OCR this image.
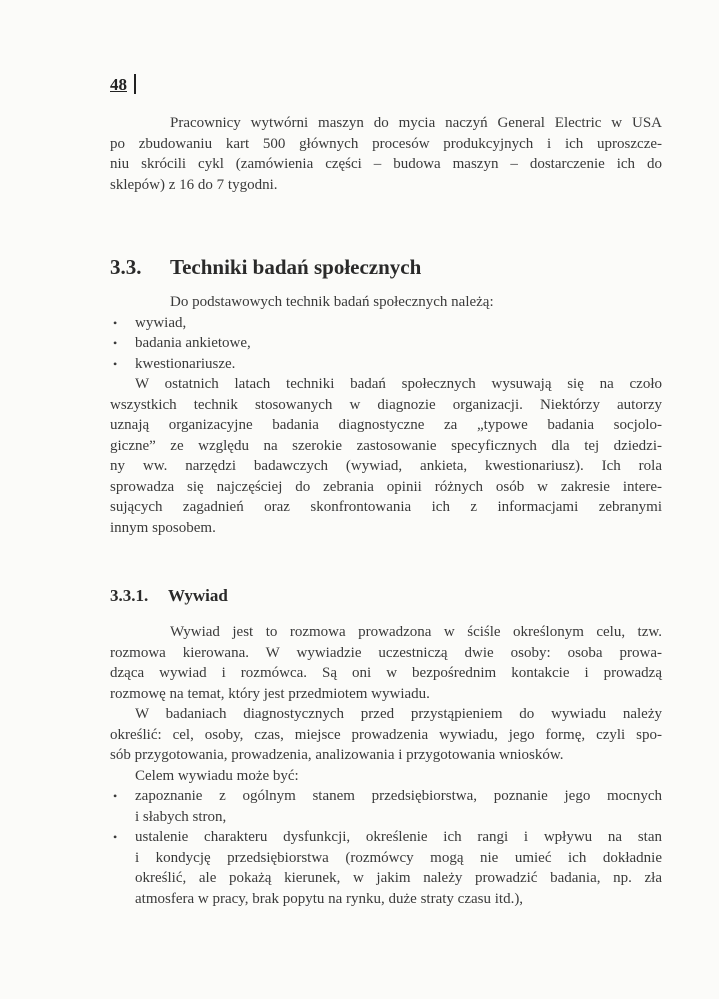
48
Pracownicy wytwórni maszyn do mycia naczyń General Electric w USA
po zbudowaniu kart 500 głównych procesów produkcyjnych i ich uproszcze-
niu skrócili cykl (zamówienia części – budowa maszyn – dostarczenie ich do
sklepów) z 16 do 7 tygodni.
3.3. Techniki badań społecznych
Do podstawowych technik badań społecznych należą:
• wywiad,
• badania ankietowe,
• kwestionariusze.
W ostatnich latach techniki badań społecznych wysuwają się na czoło
wszystkich technik stosowanych w diagnozie organizacji. Niektórzy autorzy
uznają organizacyjne badania diagnostyczne za „typowe badania socjolo-
giczne” ze względu na szerokie zastosowanie specyficznych dla tej dziedzi-
ny ww. narzędzi badawczych (wywiad, ankieta, kwestionariusz). Ich rola
sprowadza się najczęściej do zebrania opinii różnych osób w zakresie intere-
sujących zagadnień oraz skonfrontowania ich z informacjami zebranymi
innym sposobem.
3.3.1. Wywiad
Wywiad jest to rozmowa prowadzona w ściśle określonym celu, tzw.
rozmowa kierowana. W wywiadzie uczestniczą dwie osoby: osoba prowa-
dząca wywiad i rozmówca. Są oni w bezpośrednim kontakcie i prowadzą
rozmowę na temat, który jest przedmiotem wywiadu.
W badaniach diagnostycznych przed przystąpieniem do wywiadu należy
określić: cel, osoby, czas, miejsce prowadzenia wywiadu, jego formę, czyli spo-
sób przygotowania, prowadzenia, analizowania i przygotowania wniosków.
Celem wywiadu może być:
• zapoznanie z ogólnym stanem przedsiębiorstwa, poznanie jego mocnych
i słabych stron,
• ustalenie charakteru dysfunkcji, określenie ich rangi i wpływu na stan
i kondycję przedsiębiorstwa (rozmówcy mogą nie umieć ich dokładnie
określić, ale pokażą kierunek, w jakim należy prowadzić badania, np. zła
atmosfera w pracy, brak popytu na rynku, duże straty czasu itd.),
